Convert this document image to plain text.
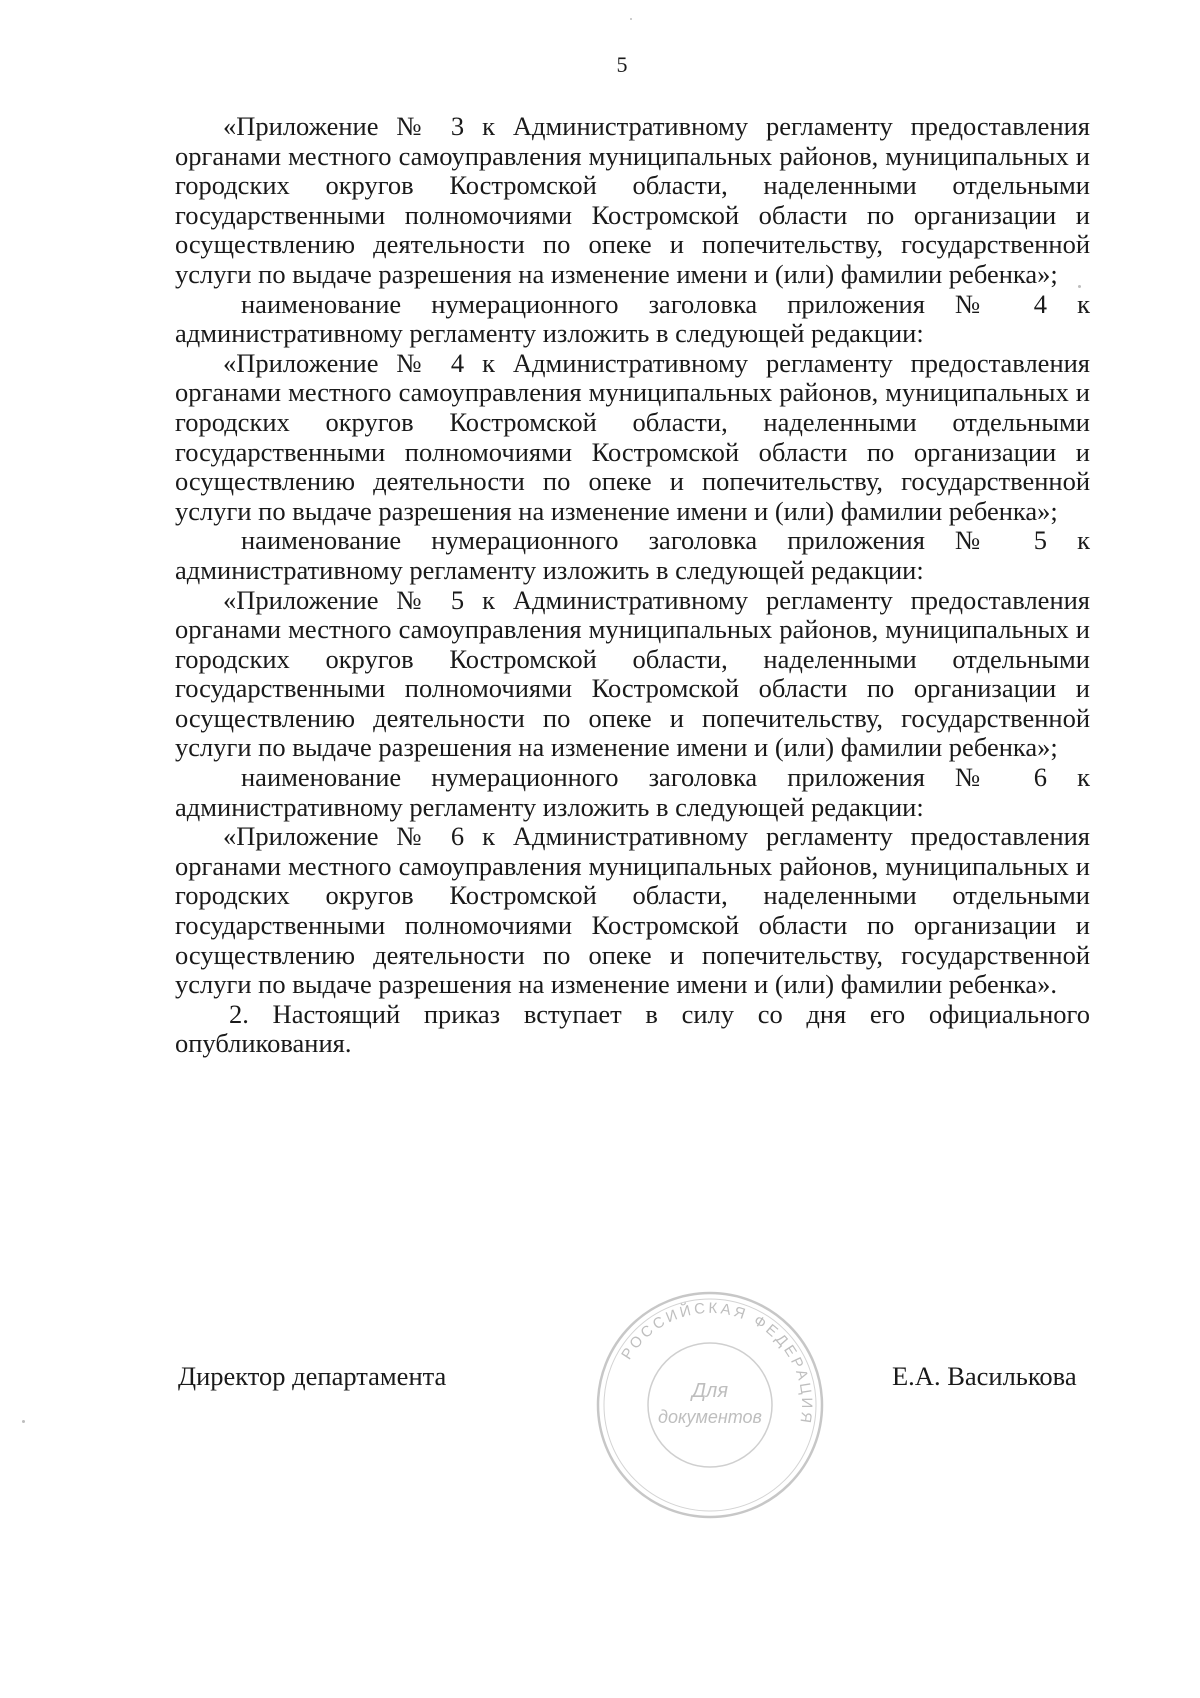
5

«Приложение № 3 к Административному регламенту предоставления органами местного самоуправления муниципальных районов, муниципальных и городских округов Костромской области, наделенными отдельными государственными полномочиями Костромской области по организации и осуществлению деятельности по опеке и попечительству, государственной услуги по выдаче разрешения на изменение имени и (или) фамилии ребенка»;

наименование нумерационного заголовка приложения № 4 к административному регламенту изложить в следующей редакции:

«Приложение № 4 к Административному регламенту предоставления органами местного самоуправления муниципальных районов, муниципальных и городских округов Костромской области, наделенными отдельными государственными полномочиями Костромской области по организации и осуществлению деятельности по опеке и попечительству, государственной услуги по выдаче разрешения на изменение имени и (или) фамилии ребенка»;

наименование нумерационного заголовка приложения № 5 к административному регламенту изложить в следующей редакции:

«Приложение № 5 к Административному регламенту предоставления органами местного самоуправления муниципальных районов, муниципальных и городских округов Костромской области, наделенными отдельными государственными полномочиями Костромской области по организации и осуществлению деятельности по опеке и попечительству, государственной услуги по выдаче разрешения на изменение имени и (или) фамилии ребенка»;

наименование нумерационного заголовка приложения № 6 к административному регламенту изложить в следующей редакции:

«Приложение № 6 к Административному регламенту предоставления органами местного самоуправления муниципальных районов, муниципальных и городских округов Костромской области, наделенными отдельными государственными полномочиями Костромской области по организации и осуществлению деятельности по опеке и попечительству, государственной услуги по выдаче разрешения на изменение имени и (или) фамилии ребенка».

2. Настоящий приказ вступает в силу со дня его официального опубликования.

Директор департамента
РОССИЙСКАЯ ФЕДЕРАЦИЯ
Для
документов
Е.А. Василькова
